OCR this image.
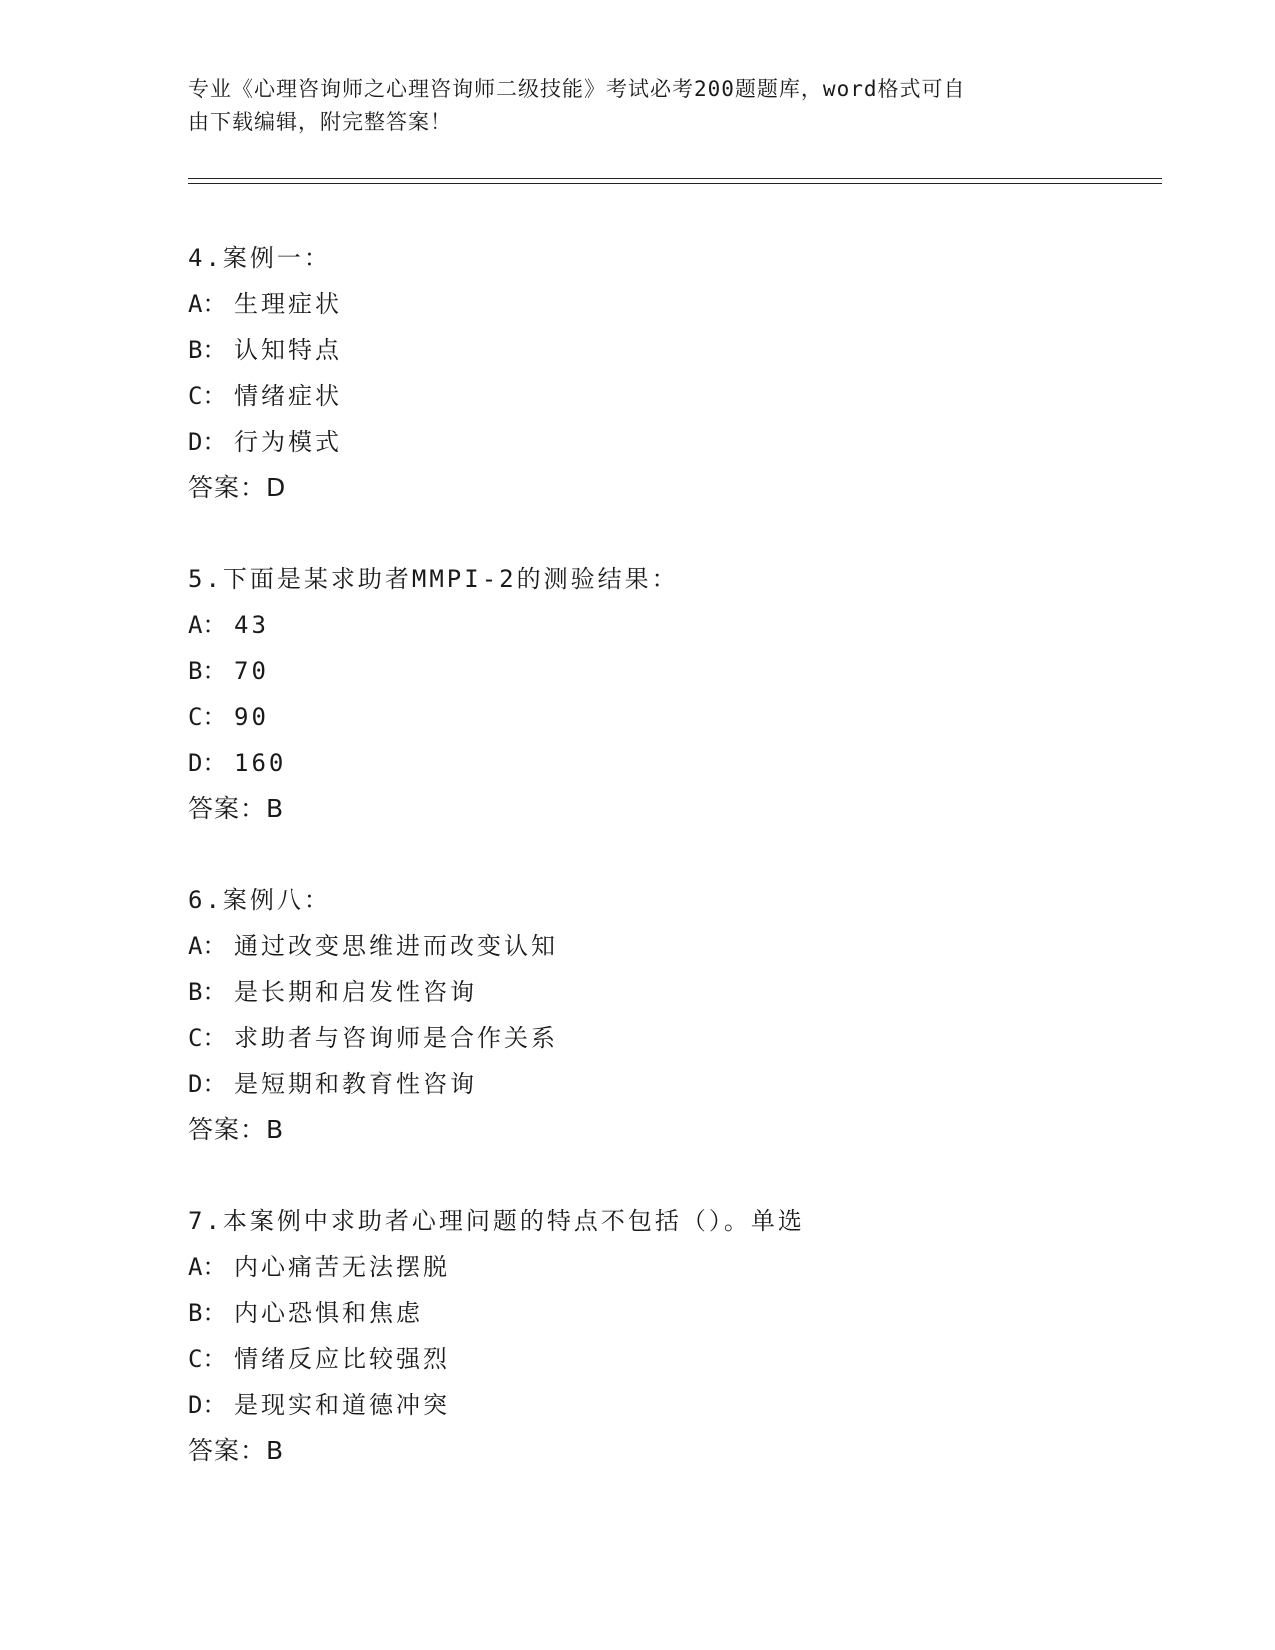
专业《心理咨询师之心理咨询师二级技能》考试必考200题题库，word格式可自
由下载编辑，附完整答案！
4.案例一：
A： 生理症状
B： 认知特点
C： 情绪症状
D： 行为模式
答案：D
5.下面是某求助者MMPI-2的测验结果：
A： 43
B： 70
C： 90
D： 160
答案：B
6.案例八：
A： 通过改变思维进而改变认知
B： 是长期和启发性咨询
C： 求助者与咨询师是合作关系
D： 是短期和教育性咨询
答案：B
7.本案例中求助者心理问题的特点不包括（）。单选
A： 内心痛苦无法摆脱
B： 内心恐惧和焦虑
C： 情绪反应比较强烈
D： 是现实和道德冲突
答案：B
